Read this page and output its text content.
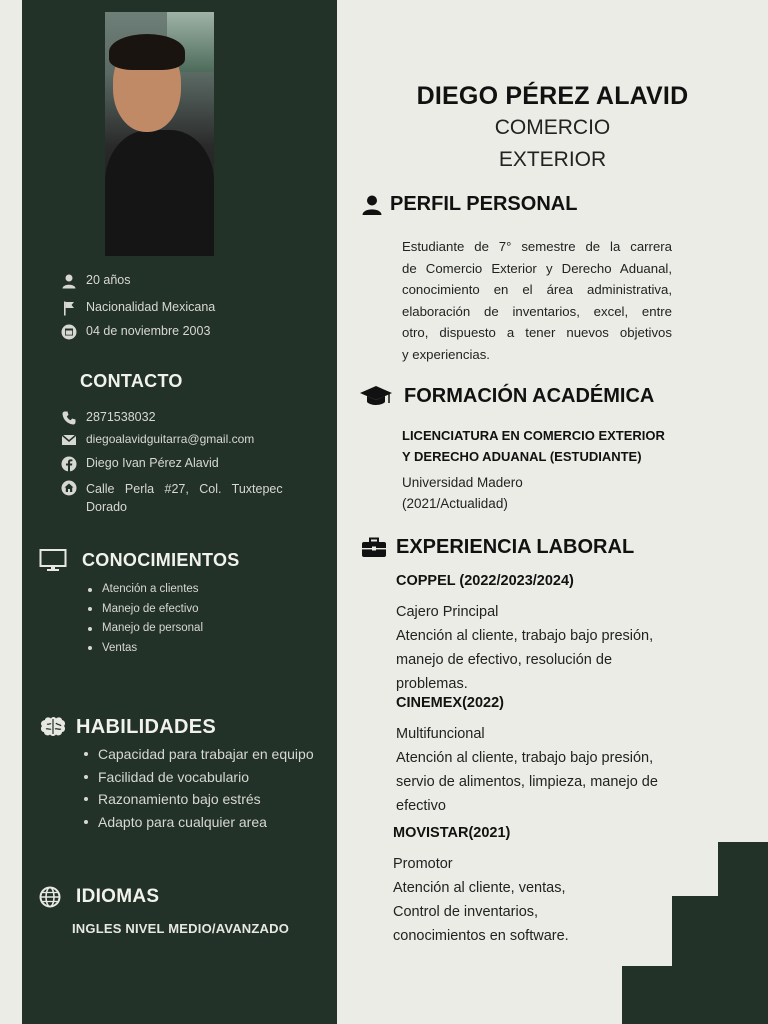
20 años
Nacionalidad Mexicana
04 de noviembre 2003
CONTACTO
2871538032
diegoalavidguitarra@gmail.com
Diego Ivan Pérez Alavid
Calle   Perla   #27,   Col.   Tuxtepec
Dorado
CONOCIMIENTOS
Atención a clientes
Manejo de efectivo
Manejo de personal
Ventas
HABILIDADES
Capacidad para trabajar en equipo
Facilidad de vocabulario
Razonamiento bajo estrés
Adapto para cualquier area
IDIOMAS
INGLES NIVEL MEDIO/AVANZADO
DIEGO PÉREZ ALAVID
COMERCIO
EXTERIOR
PERFIL PERSONAL
Estudiante de 7° semestre de la carrera
de Comercio Exterior y Derecho Aduanal,
conocimiento en el área administrativa,
elaboración de inventarios, excel, entre
otro, dispuesto a tener nuevos objetivos
y experiencias.
FORMACIÓN ACADÉMICA
LICENCIATURA EN COMERCIO EXTERIOR
Y DERECHO ADUANAL (ESTUDIANTE)
Universidad Madero
(2021/Actualidad)
EXPERIENCIA LABORAL
COPPEL (2022/2023/2024)
Cajero Principal
Atención al cliente, trabajo bajo presión,
manejo de efectivo, resolución de
problemas.
CINEMEX(2022)
Multifuncional
Atención al cliente, trabajo bajo presión,
servio de alimentos, limpieza, manejo de
efectivo
MOVISTAR(2021)
Promotor
Atención al cliente, ventas,
Control de inventarios,
conocimientos en software.
